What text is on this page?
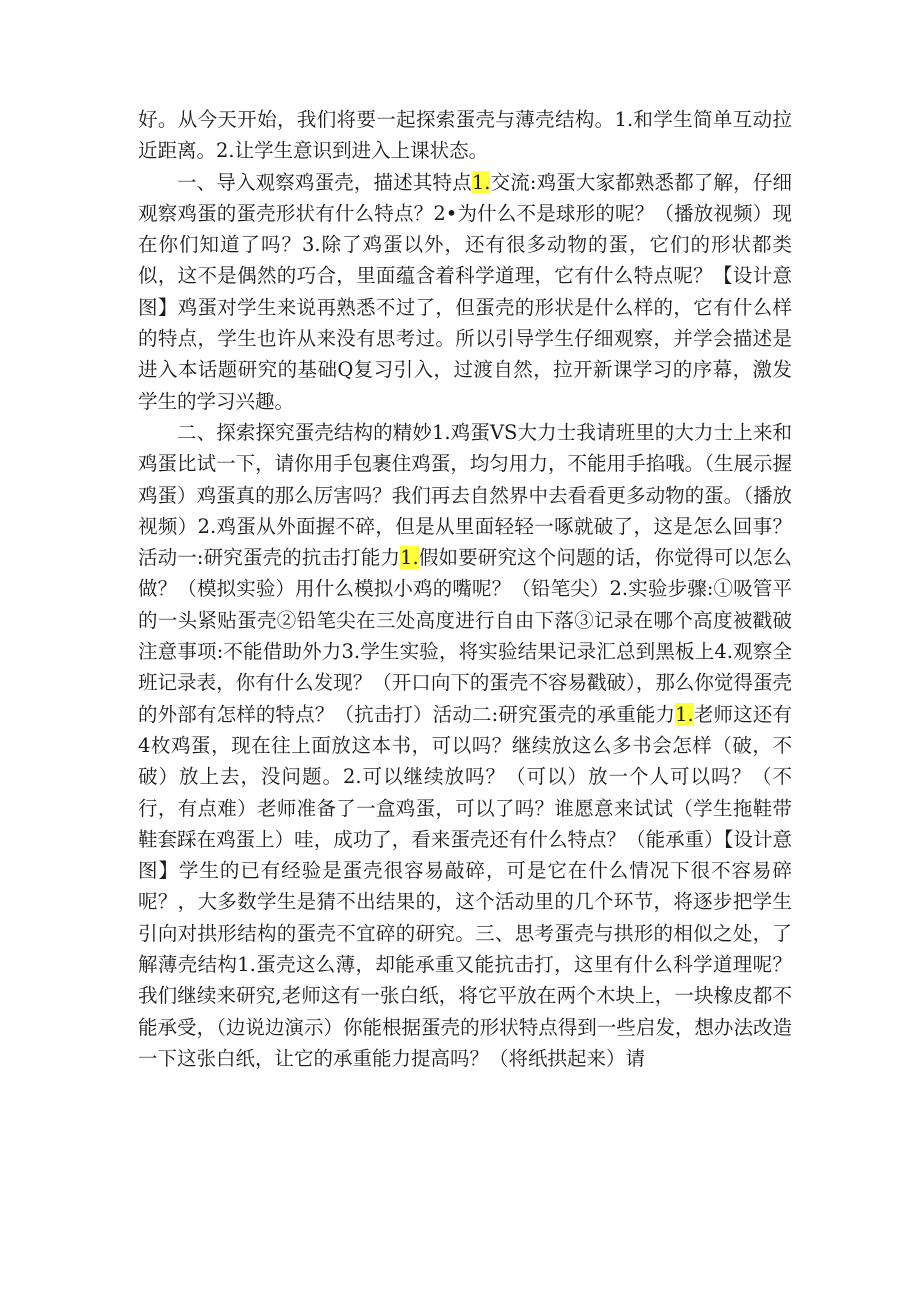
好。从今天开始，我们将要一起探索蛋壳与薄壳结构。1.和学生简单互动拉近距离。2.让学生意识到进入上课状态。

一、导入观察鸡蛋壳，描述其特点1.交流:鸡蛋大家都熟悉都了解，仔细观察鸡蛋的蛋壳形状有什么特点？2•为什么不是球形的呢？（播放视频）现在你们知道了吗？3.除了鸡蛋以外，还有很多动物的蛋，它们的形状都类似，这不是偶然的巧合，里面蕴含着科学道理，它有什么特点呢？【设计意图】鸡蛋对学生来说再熟悉不过了，但蛋壳的形状是什么样的，它有什么样的特点，学生也许从来没有思考过。所以引导学生仔细观察，并学会描述是进入本话题研究的基础Q复习引入，过渡自然，拉开新课学习的序幕，激发学生的学习兴趣。

二、探索探究蛋壳结构的精妙1.鸡蛋VS大力士我请班里的大力士上来和鸡蛋比试一下，请你用手包裹住鸡蛋，均匀用力，不能用手掐哦。（生展示握鸡蛋）鸡蛋真的那么厉害吗？我们再去自然界中去看看更多动物的蛋。（播放视频）2.鸡蛋从外面握不碎，但是从里面轻轻一啄就破了，这是怎么回事？活动一:研究蛋壳的抗击打能力1.假如要研究这个问题的话，你觉得可以怎么做？（模拟实验）用什么模拟小鸡的嘴呢？（铅笔尖）2.实验步骤:①吸管平的一头紧贴蛋壳②铅笔尖在三处高度进行自由下落③记录在哪个高度被戳破注意事项:不能借助外力3.学生实验，将实验结果记录汇总到黑板上4.观察全班记录表，你有什么发现？（开口向下的蛋壳不容易戳破），那么你觉得蛋壳的外部有怎样的特点？（抗击打）活动二:研究蛋壳的承重能力1.老师这还有4枚鸡蛋，现在往上面放这本书，可以吗？继续放这么多书会怎样（破，不破）放上去，没问题。2.可以继续放吗？（可以）放一个人可以吗？（不行，有点难）老师准备了一盒鸡蛋，可以了吗？谁愿意来试试（学生拖鞋带鞋套踩在鸡蛋上）哇，成功了，看来蛋壳还有什么特点？（能承重）【设计意图】学生的已有经验是蛋壳很容易敲碎，可是它在什么情况下很不容易碎呢？，大多数学生是猜不出结果的，这个活动里的几个环节，将逐步把学生引向对拱形结构的蛋壳不宜碎的研究。三、思考蛋壳与拱形的相似之处，了解薄壳结构1.蛋壳这么薄，却能承重又能抗击打，这里有什么科学道理呢？我们继续来研究,老师这有一张白纸，将它平放在两个木块上，一块橡皮都不能承受，（边说边演示）你能根据蛋壳的形状特点得到一些启发，想办法改造一下这张白纸，让它的承重能力提高吗？（将纸拱起来）请
